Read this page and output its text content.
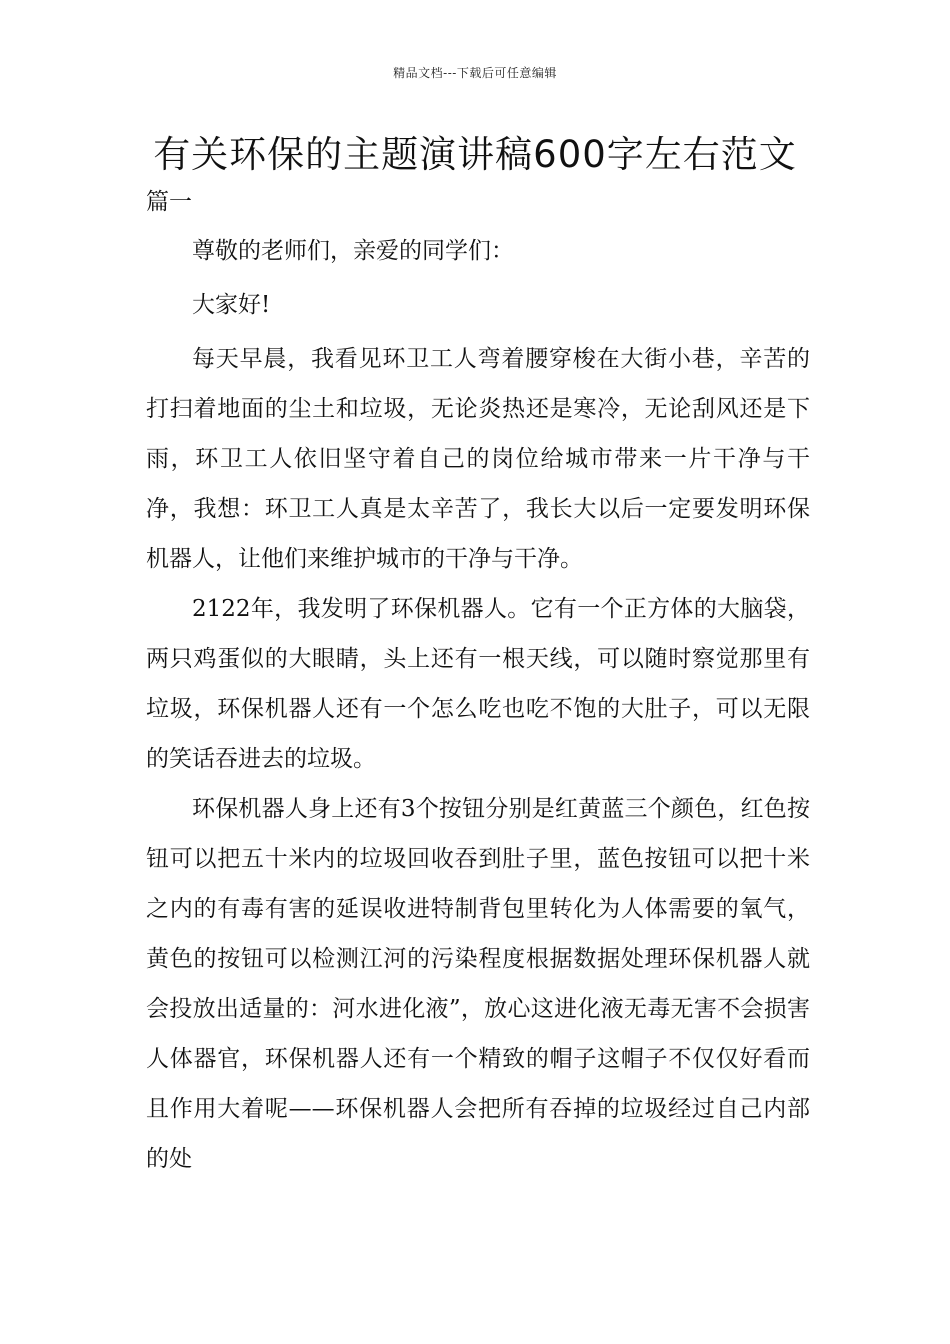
精品文档---下载后可任意编辑
有关环保的主题演讲稿600字左右范文
篇一

尊敬的老师们，亲爱的同学们：

大家好!

每天早晨，我看见环卫工人弯着腰穿梭在大街小巷，辛苦的打扫着地面的尘土和垃圾，无论炎热还是寒冷，无论刮风还是下雨，环卫工人依旧坚守着自己的岗位给城市带来一片干净与干净，我想：环卫工人真是太辛苦了，我长大以后一定要发明环保机器人，让他们来维护城市的干净与干净。

2122年，我发明了环保机器人。它有一个正方体的大脑袋，两只鸡蛋似的大眼睛，头上还有一根天线，可以随时察觉那里有垃圾，环保机器人还有一个怎么吃也吃不饱的大肚子，可以无限的笑话吞进去的垃圾。

环保机器人身上还有3个按钮分别是红黄蓝三个颜色，红色按钮可以把五十米内的垃圾回收吞到肚子里，蓝色按钮可以把十米之内的有毒有害的延误收进特制背包里转化为人体需要的氧气，黄色的按钮可以检测江河的污染程度根据数据处理环保机器人就会投放出适量的：河水进化液”，放心这进化液无毒无害不会损害人体器官，环保机器人还有一个精致的帽子这帽子不仅仅好看而且作用大着呢——环保机器人会把所有吞掉的垃圾经过自己内部的处
